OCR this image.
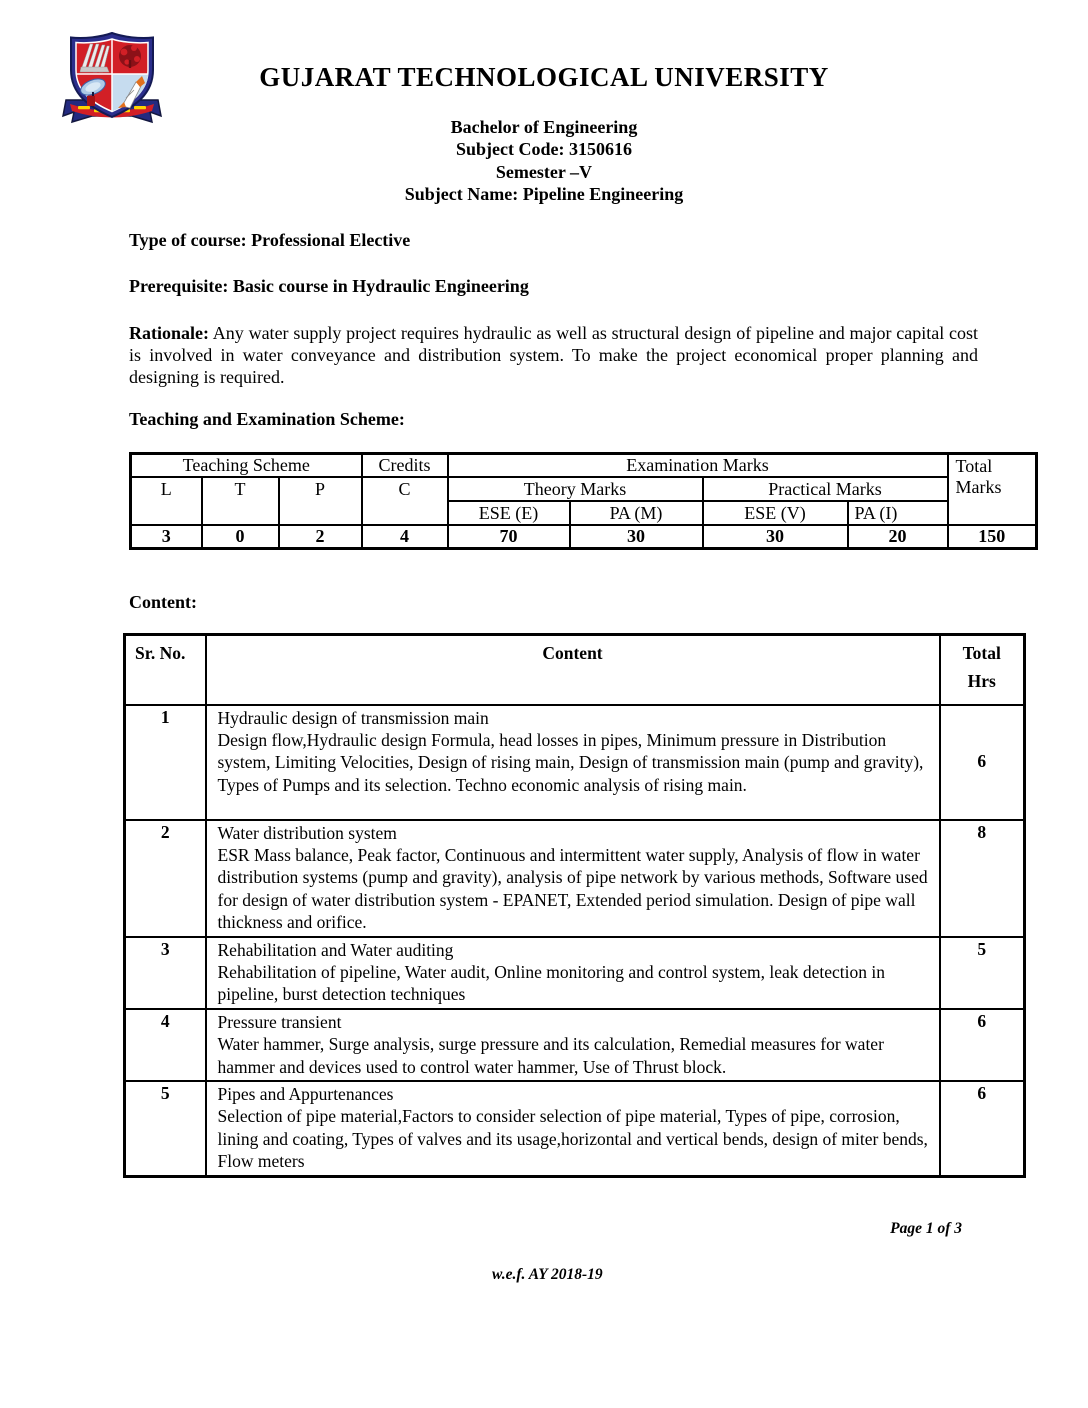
GUJARAT TECHNOLOGICAL UNIVERSITY
Bachelor of Engineering
Subject Code: 3150616
Semester –V
Subject Name: Pipeline Engineering
Type of course: Professional Elective
Prerequisite: Basic course in Hydraulic Engineering
Rationale: Any water supply project requires hydraulic as well as structural design of pipeline and major capital cost is involved in water conveyance and distribution system. To make the project economical proper planning and designing is required.
Teaching and Examination Scheme:
Teaching Scheme			Credits	Examination Marks				Total Marks
L	T	P	C	Theory Marks		Practical Marks		
				ESE (E)	PA (M)	ESE (V)	PA (I)	
3	0	2	4	70	30	30	20	150
Content:
Sr. No.	Content	Total Hrs
1	Hydraulic design of transmission main
Design flow,Hydraulic design Formula, head losses in pipes, Minimum pressure in Distribution system, Limiting Velocities, Design of rising main, Design of transmission main (pump and gravity), Types of Pumps and its selection. Techno economic analysis of rising main.	6
2	Water distribution system
ESR Mass balance, Peak factor, Continuous and intermittent water supply, Analysis of flow in water distribution systems (pump and gravity), analysis of pipe network by various methods, Software used for design of water distribution system - EPANET, Extended period simulation. Design of pipe wall thickness and orifice.	8
3	Rehabilitation and Water auditing
Rehabilitation of pipeline, Water audit, Online monitoring and control system, leak detection in pipeline, burst detection techniques	5
4	Pressure transient
Water hammer, Surge analysis, surge pressure and its calculation, Remedial measures for water hammer and devices used to control water hammer, Use of Thrust block.	6
5	Pipes and Appurtenances
Selection of pipe material,Factors to consider selection of pipe material, Types of pipe, corrosion, lining and coating, Types of valves and its usage,horizontal and vertical bends, design of miter bends, Flow meters	6
Page 1 of 3
w.e.f. AY 2018-19
